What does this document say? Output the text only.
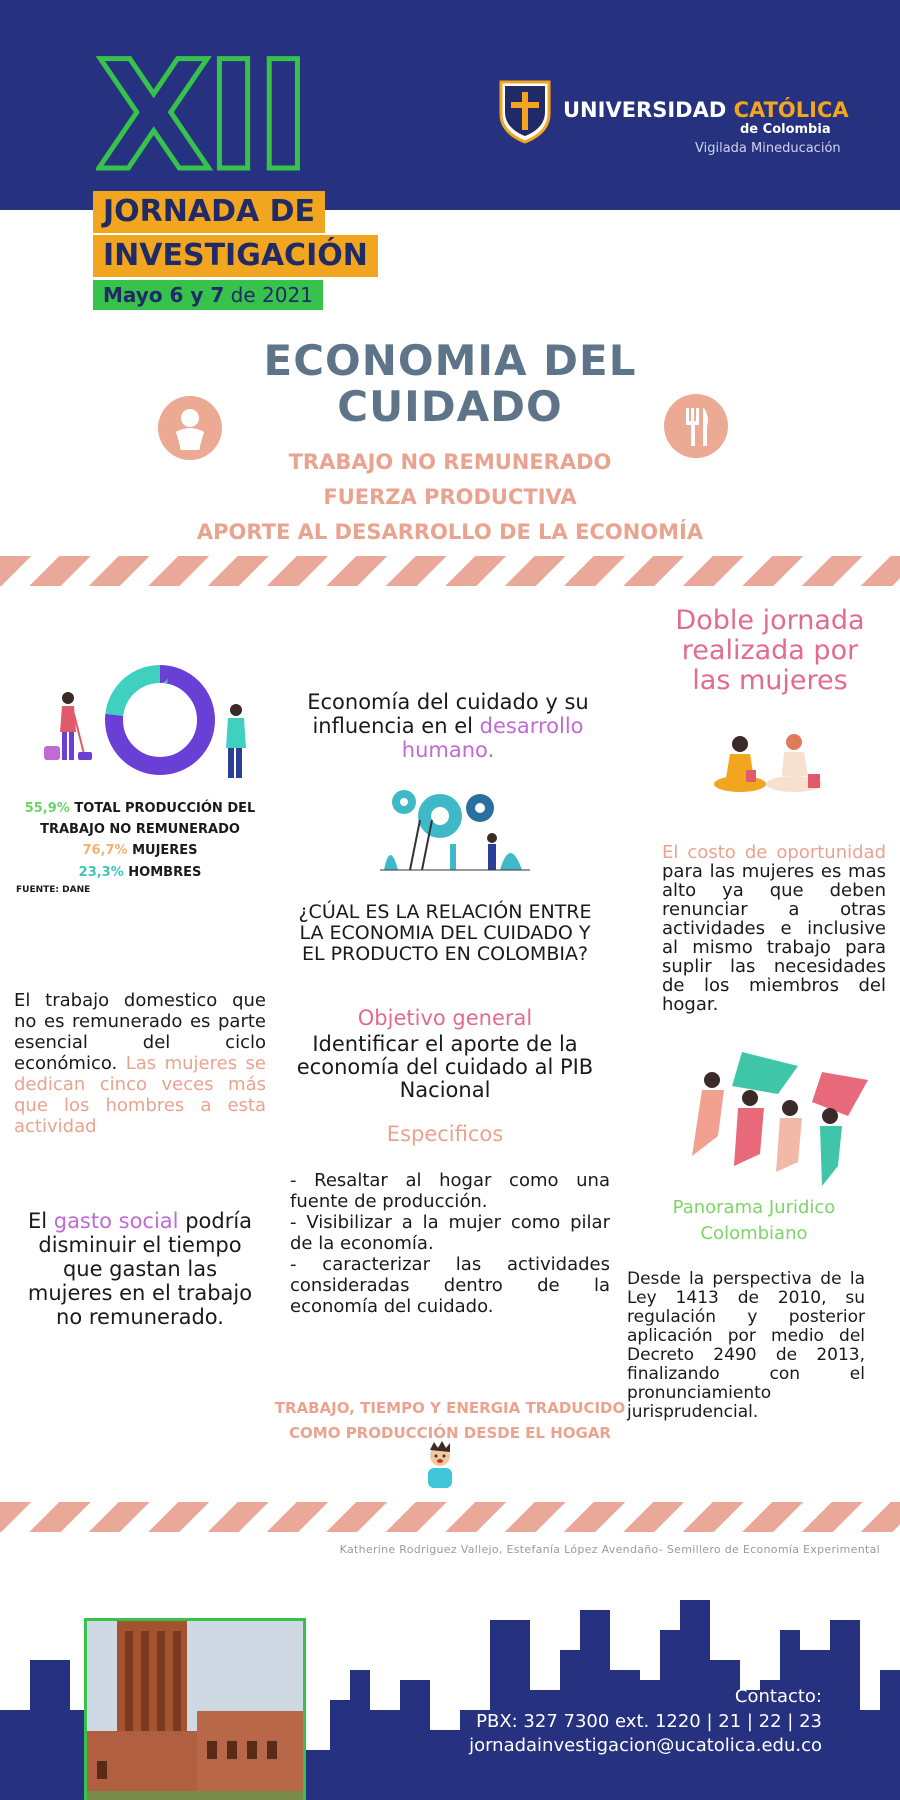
XII
JORNADA DE
INVESTIGACIÓN
Mayo 6 y 7 de 2021
UNIVERSIDAD CATÓLICA
de Colombia
Vigilada Mineducación
ECONOMIA DEL
CUIDADO
TRABAJO NO REMUNERADO
FUERZA PRODUCTIVA
APORTE AL DESARROLLO DE LA ECONOMÍA
55,9% TOTAL PRODUCCIÓN DEL
TRABAJO NO REMUNERADO
76,7% MUJERES
23,3% HOMBRES
FUENTE: DANE
El trabajo domestico que no es remunerado es parte esencial del ciclo económico. Las mujeres se dedican cinco veces más que los hombres a esta actividad
El gasto social podría disminuir el tiempo que gastan las mujeres en el trabajo no remunerado.
Economía del cuidado y su influencia en el desarrollo humano.
¿CÚAL ES LA RELACIÓN ENTRE LA ECONOMIA DEL CUIDADO Y EL PRODUCTO EN COLOMBIA?
Objetivo general
Identificar el aporte de la economía del cuidado al PIB Nacional
Especificos
- Resaltar al hogar como una fuente de producción.
- Visibilizar a la mujer como pilar de la economía.
- caracterizar las actividades consideradas dentro de la economía del cuidado.
TRABAJO, TIEMPO Y ENERGIA TRADUCIDO
COMO PRODUCCIÓN DESDE EL HOGAR
Doble jornada realizada por las mujeres
El costo de oportunidad para las mujeres es mas alto ya que deben renunciar a otras actividades e inclusive al mismo trabajo para suplir las necesidades de los miembros del hogar.
Panorama Juridico
Colombiano
Desde la perspectiva de la Ley 1413 de 2010, su regulación y posterior aplicación por medio del Decreto 2490 de 2013, finalizando con el pronunciamiento jurisprudencial.
Katherine Rodriguez Vallejo, Estefanía López Avendaño- Semillero de Economía Experimental
Contacto:
PBX: 327 7300 ext. 1220 | 21 | 22 | 23
jornadainvestigacion@ucatolica.edu.co
